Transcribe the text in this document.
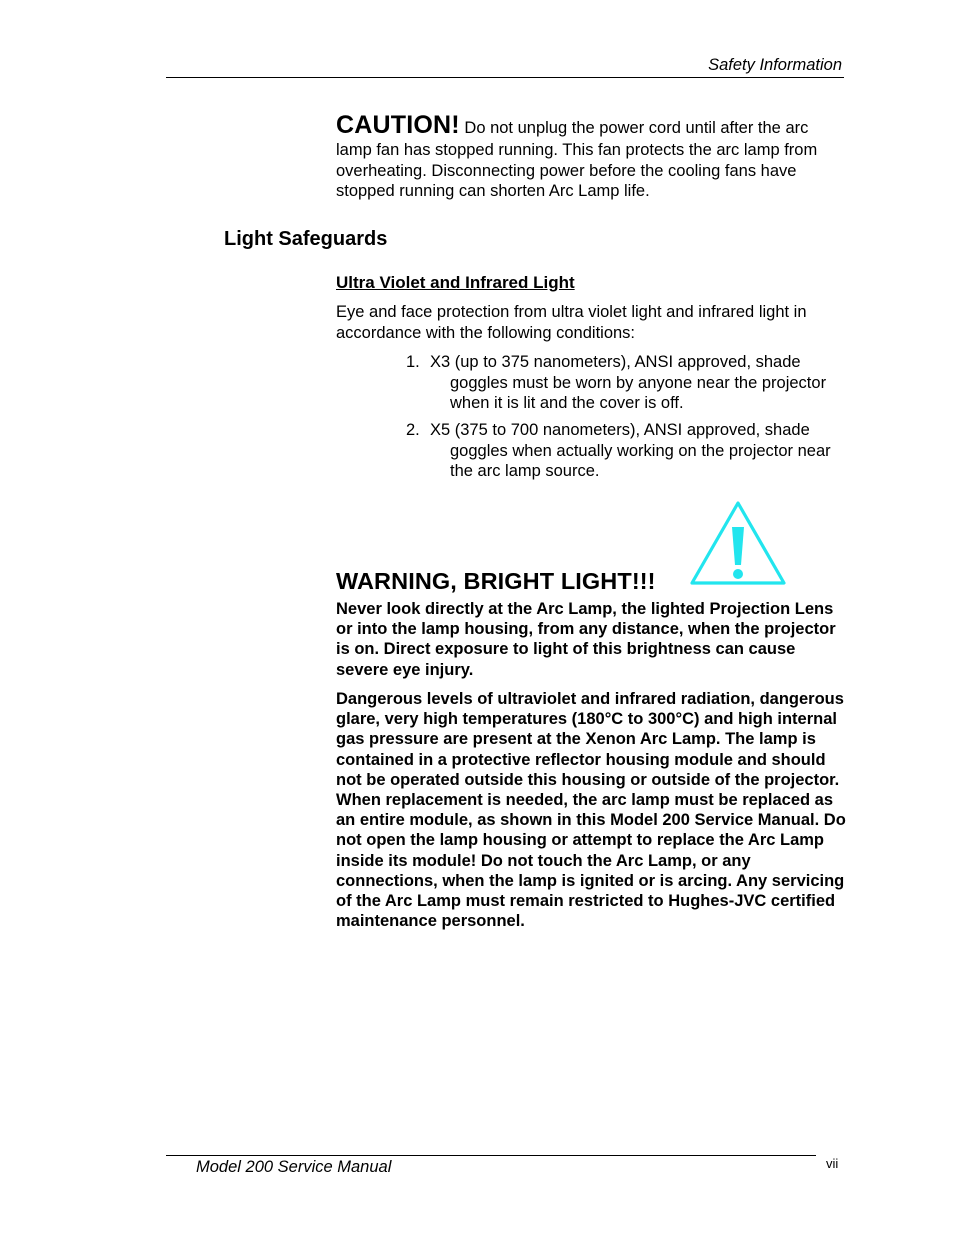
Safety Information
CAUTION! Do not unplug the power cord until after the arc lamp fan has stopped running. This fan protects the arc lamp from overheating. Disconnecting power before the cooling fans have stopped running can shorten Arc Lamp life.
Light Safeguards
Ultra Violet and Infrared Light
Eye and face protection from ultra violet light and infrared light in accordance with the following conditions:
1. X3 (up to 375 nanometers), ANSI approved, shade goggles must be worn by anyone near the projector when it is lit and the cover is off.
2. X5 (375 to 700 nanometers), ANSI approved, shade goggles when actually working on the projector near the arc lamp source.
WARNING, BRIGHT LIGHT!!!
Never look directly at the Arc Lamp, the lighted Projection Lens or into the lamp housing, from any distance, when the projector is on. Direct exposure to light of this brightness can cause severe eye injury.
Dangerous levels of ultraviolet and infrared radiation, dangerous glare, very high temperatures (180°C to 300°C) and high internal gas pressure are present at the Xenon Arc Lamp. The lamp is contained in a protective reflector housing module and should not be operated outside this housing or outside of the projector. When replacement is needed, the arc lamp must be replaced as an entire module, as shown in this Model 200 Service Manual. Do not open the lamp housing or attempt to replace the Arc Lamp inside its module! Do not touch the Arc Lamp, or any connections, when the lamp is ignited or is arcing. Any servicing of the Arc Lamp must remain restricted to Hughes-JVC certified maintenance personnel.
Model 200 Service Manual	vii
